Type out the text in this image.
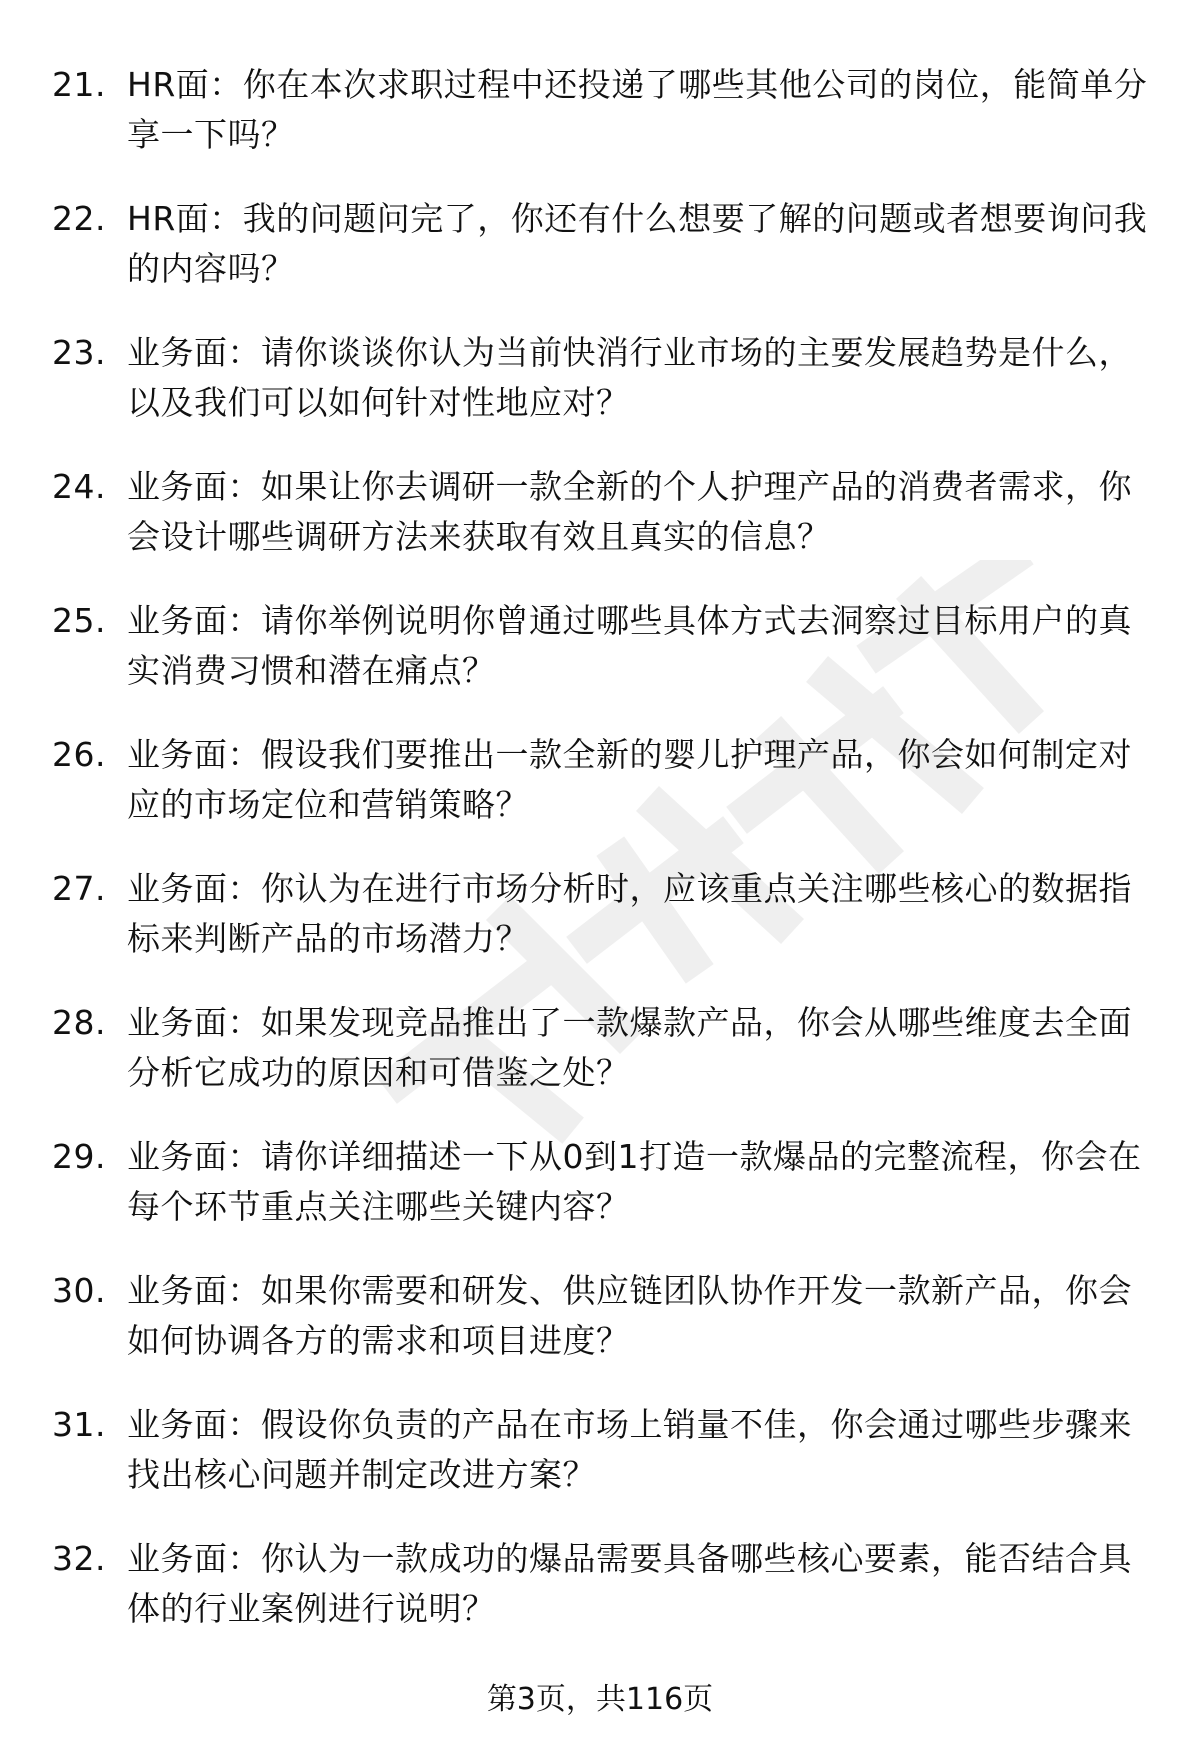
21. HR面：你在本次求职过程中还投递了哪些其他公司的岗位，能简单分享一下吗？
22. HR面：我的问题问完了，你还有什么想要了解的问题或者想要询问我的内容吗？
23. 业务面：请你谈谈你认为当前快消行业市场的主要发展趋势是什么，以及我们可以如何针对性地应对？
24. 业务面：如果让你去调研一款全新的个人护理产品的消费者需求，你会设计哪些调研方法来获取有效且真实的信息？
25. 业务面：请你举例说明你曾通过哪些具体方式去洞察过目标用户的真实消费习惯和潜在痛点？
26. 业务面：假设我们要推出一款全新的婴儿护理产品，你会如何制定对应的市场定位和营销策略？
27. 业务面：你认为在进行市场分析时，应该重点关注哪些核心的数据指标来判断产品的市场潜力？
28. 业务面：如果发现竞品推出了一款爆款产品，你会从哪些维度去全面分析它成功的原因和可借鉴之处？
29. 业务面：请你详细描述一下从0到1打造一款爆品的完整流程，你会在每个环节重点关注哪些关键内容？
30. 业务面：如果你需要和研发、供应链团队协作开发一款新产品，你会如何协调各方的需求和项目进度？
31. 业务面：假设你负责的产品在市场上销量不佳，你会通过哪些步骤来找出核心问题并制定改进方案？
32. 业务面：你认为一款成功的爆品需要具备哪些核心要素，能否结合具体的行业案例进行说明？
第3页，共116页
